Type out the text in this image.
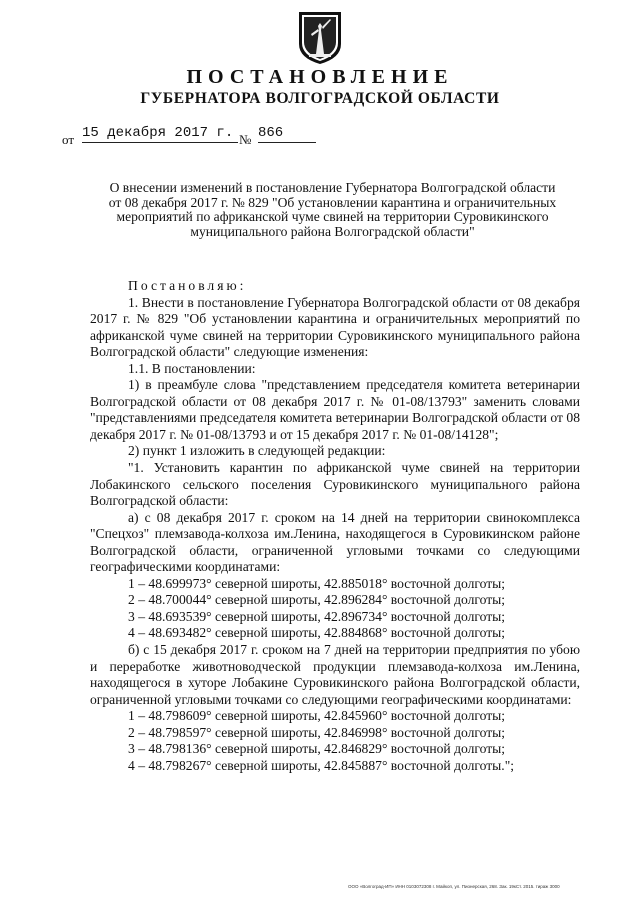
ПОСТАНОВЛЕНИЕ
ГУБЕРНАТОРА ВОЛГОГРАДСКОЙ ОБЛАСТИ
от 15 декабря 2017 г. № 866
О внесении изменений в постановление Губернатора Волгоградской области
от 08 декабря 2017 г. № 829 "Об установлении карантина и ограничительных
мероприятий по африканской чуме свиней на территории Суровикинского
муниципального района Волгоградской области"

Постановляю:

1. Внести в постановление Губернатора Волгоградской области от 08 декабря 2017 г. № 829 "Об установлении карантина и ограничительных мероприятий по африканской чуме свиней на территории Суровикинского муниципального района Волгоградской области" следующие изменения:

1.1. В постановлении:

1) в преамбуле слова "представлением председателя комитета ветеринарии Волгоградской области от 08 декабря 2017 г. № 01-08/13793" заменить словами "представлениями председателя комитета ветеринарии Волгоградской области от 08 декабря 2017 г. № 01-08/13793 и от 15 декабря 2017 г. № 01-08/14128";

2) пункт 1 изложить в следующей редакции:

"1. Установить карантин по африканской чуме свиней на территории Лобакинского сельского поселения Суровикинского муниципального района Волгоградской области:

а) с 08 декабря 2017 г. сроком на 14 дней на территории свинокомплекса "Спецхоз" племзавода-колхоза им.Ленина, находящегося в Суровикинском районе Волгоградской области, ограниченной угловыми точками со следующими географическими координатами:

1 – 48.699973° северной широты, 42.885018° восточной долготы;

2 – 48.700044° северной широты, 42.896284° восточной долготы;

3 – 48.693539° северной широты, 42.896734° восточной долготы;

4 – 48.693482° северной широты, 42.884868° восточной долготы;

б) с 15 декабря 2017 г. сроком на 7 дней на территории предприятия по убою и переработке животноводческой продукции племзавода-колхоза им.Ленина, находящегося в хуторе Лобакине Суровикинского района Волгоградской области, ограниченной угловыми точками со следующими географическими координатами:

1 – 48.798609° северной широты, 42.845960° восточной долготы;

2 – 48.798597° северной широты, 42.846998° восточной долготы;

3 – 48.798136° северной широты, 42.846829° восточной долготы;

4 – 48.798267° северной широты, 42.845887° восточной долготы.";

ООО «Волгоград-ИП» ИНН 0103072308 г. Майкоп, ул. Пионерская, 268. Зак. 19кСт. 2015. тираж 3000
